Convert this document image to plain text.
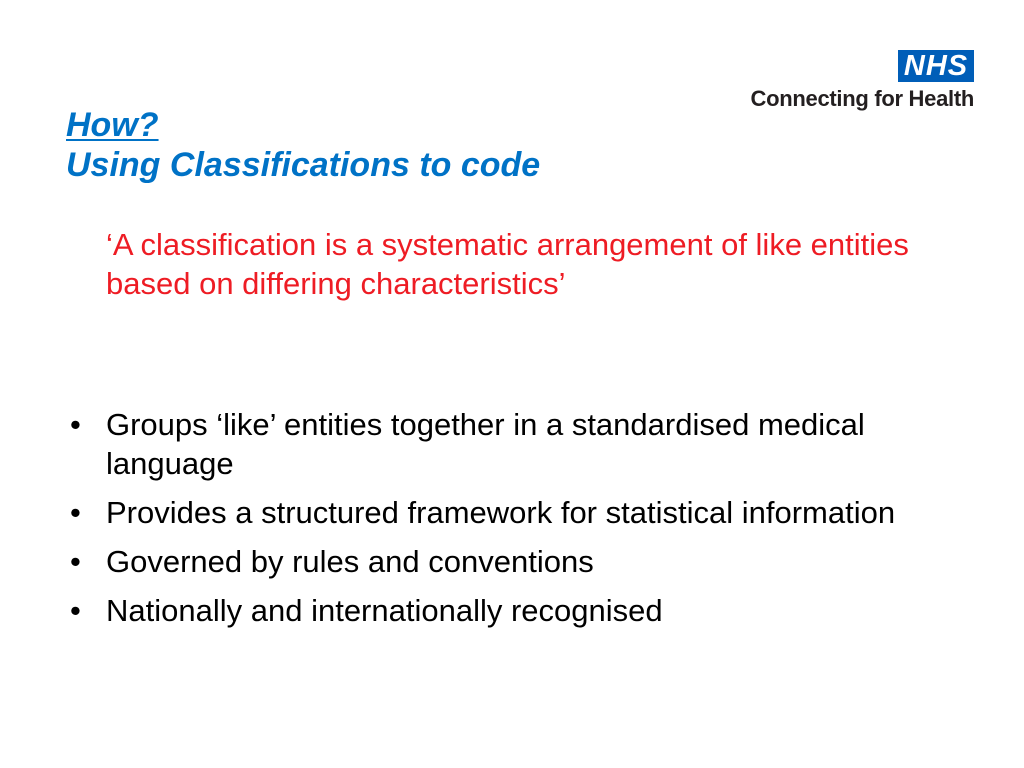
NHS
Connecting for Health
How?
Using Classifications to code

‘A classification is a systematic arrangement of like entities based on differing characteristics’

• Groups ‘like’ entities together in a standardised medical language
• Provides a structured framework for statistical information
• Governed by rules and conventions
• Nationally and internationally recognised
